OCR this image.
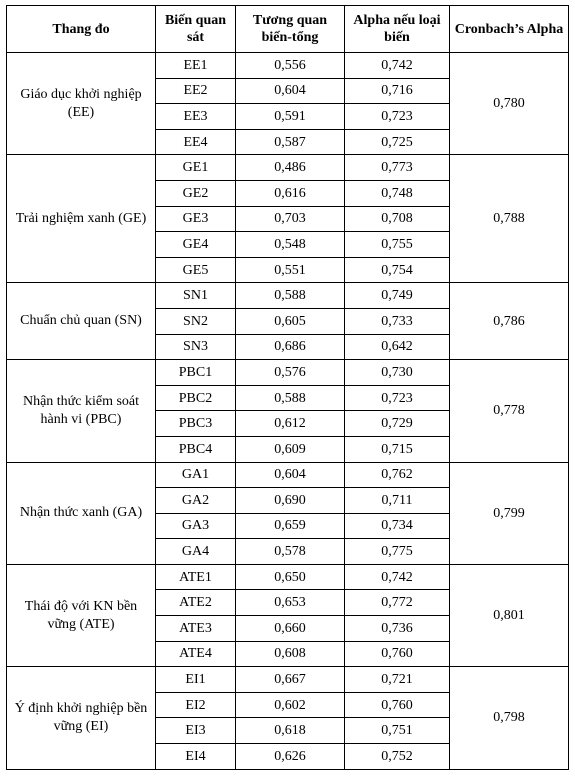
Thang đo	Biến quan sát	Tương quan biến-tổng	Alpha nếu loại biến	Cronbach’s Alpha
Giáo dục khởi nghiệp (EE)	EE1	0,556	0,742	0,780
	EE2	0,604	0,716	
	EE3	0,591	0,723	
	EE4	0,587	0,725	
Trải nghiệm xanh (GE)	GE1	0,486	0,773	0,788
	GE2	0,616	0,748	
	GE3	0,703	0,708	
	GE4	0,548	0,755	
	GE5	0,551	0,754	
Chuẩn chủ quan (SN)	SN1	0,588	0,749	0,786
	SN2	0,605	0,733	
	SN3	0,686	0,642	
Nhận thức kiểm soát hành vi (PBC)	PBC1	0,576	0,730	0,778
	PBC2	0,588	0,723	
	PBC3	0,612	0,729	
	PBC4	0,609	0,715	
Nhận thức xanh (GA)	GA1	0,604	0,762	0,799
	GA2	0,690	0,711	
	GA3	0,659	0,734	
	GA4	0,578	0,775	
Thái độ với KN bền vững (ATE)	ATE1	0,650	0,742	0,801
	ATE2	0,653	0,772	
	ATE3	0,660	0,736	
	ATE4	0,608	0,760	
Ý định khởi nghiệp bền vững (EI)	EI1	0,667	0,721	0,798
	EI2	0,602	0,760	
	EI3	0,618	0,751	
	EI4	0,626	0,752	
